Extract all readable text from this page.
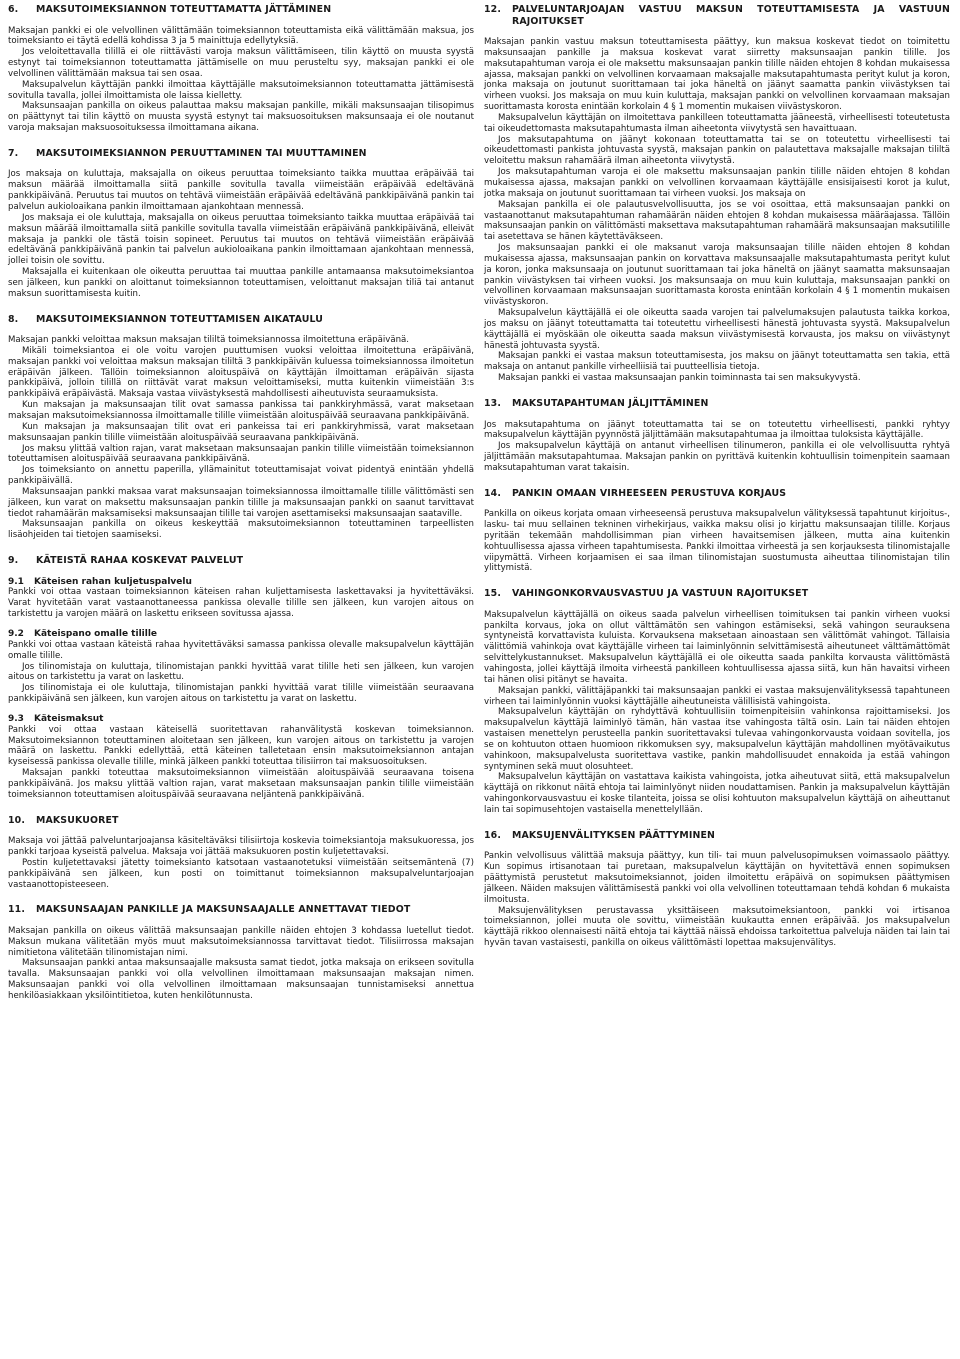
6.	MAKSUTOIMEKSIANNON TOTEUTTAMATTA JÄTTÄMINEN

Maksajan pankki ei ole velvollinen välittämään toimeksiannon toteuttamista eikä välittämään maksua, jos toimeksianto ei täytä edellä kohdissa 3 ja 5 mainittuja edellytyksiä.

Jos veloitettavalla tilillä ei ole riittävästi varoja maksun välittämiseen, tilin käyttö on muusta syystä estynyt tai toimeksiannon toteuttamatta jättämiselle on muu perusteltu syy, maksajan pankki ei ole velvollinen välittämään maksua tai sen osaa.

Maksupalvelun käyttäjän pankki ilmoittaa käyttäjälle maksutoimeksiannon toteuttamatta jättämisestä sovitulla tavalla, jollei ilmoittamista ole laissa kielletty.

Maksunsaajan pankilla on oikeus palauttaa maksu maksajan pankille, mikäli maksunsaajan tilisopimus on päättynyt tai tilin käyttö on muusta syystä estynyt tai maksuosoituksen maksunsaaja ei ole noutanut varoja maksajan maksuosoituksessa ilmoittamana aikana.

7.	MAKSUTOIMEKSIANNON PERUUTTAMINEN TAI MUUTTAMINEN

Jos maksaja on kuluttaja, maksajalla on oikeus peruuttaa toimeksianto taikka muuttaa eräpäivää tai maksun määrää ilmoittamalla siitä pankille sovitulla tavalla viimeistään eräpäivää edeltävänä pankkipäivänä. Peruutus tai muutos on tehtävä viimeistään eräpäivää edeltävänä pankkipäivänä pankin tai palvelun aukioloaikana pankin ilmoittamaan ajankohtaan mennessä.

Jos maksaja ei ole kuluttaja, maksajalla on oikeus peruuttaa toimeksianto taikka muuttaa eräpäivää tai maksun määrää ilmoittamalla siitä pankille sovitulla tavalla viimeistään eräpäivänä pankkipäivänä, elleivät maksaja ja pankki ole tästä toisin sopineet. Peruutus tai muutos on tehtävä viimeistään eräpäivää edeltävänä pankkipäivänä pankin tai palvelun aukioloaikana pankin ilmoittamaan ajankohtaan mennessä, jollei toisin ole sovittu.

Maksajalla ei kuitenkaan ole oikeutta peruuttaa tai muuttaa pankille antamaansa maksutoimeksiantoa sen jälkeen, kun pankki on aloittanut toimeksiannon toteuttamisen, veloittanut maksajan tiliä tai antanut maksun suorittamisesta kuitin.

8.	MAKSUTOIMEKSIANNON TOTEUTTAMISEN AIKATAULU

Maksajan pankki veloittaa maksun maksajan tililtä toimeksiannossa ilmoitettuna eräpäivänä.

Mikäli toimeksiantoa ei ole voitu varojen puuttumisen vuoksi veloittaa ilmoitettuna eräpäivänä, maksajan pankki voi veloittaa maksun maksajan tililtä 3 pankkipäivän kuluessa toimeksiannossa ilmoitetun eräpäivän jälkeen. Tällöin toimeksiannon aloituspäivä on käyttäjän ilmoittaman eräpäivän sijasta pankkipäivä, jolloin tilillä on riittävät varat maksun veloittamiseksi, mutta kuitenkin viimeistään 3:s pankkipäivä eräpäivästä. Maksaja vastaa viivästyksestä mahdollisesti aiheutuvista seuraamuksista.

Kun maksajan ja maksunsaajan tilit ovat samassa pankissa tai pankkiryhmässä, varat maksetaan maksajan maksutoimeksiannossa ilmoittamalle tilille viimeistään aloituspäivää seuraavana pankkipäivänä.

Kun maksajan ja maksunsaajan tilit ovat eri pankeissa tai eri pankkiryhmissä, varat maksetaan maksunsaajan pankin tilille viimeistään aloituspäivää seuraavana pankkipäivänä.

Jos maksu ylittää valtion rajan, varat maksetaan maksunsaajan pankin tilille viimeistään toimeksiannon toteuttamisen aloituspäivää seuraavana pankkipäivänä.

Jos toimeksianto on annettu paperilla, yllämainitut toteuttamisajat voivat pidentyä enintään yhdellä pankkipäivällä.

Maksunsaajan pankki maksaa varat maksunsaajan toimeksiannossa ilmoittamalle tilille välittömästi sen jälkeen, kun varat on maksettu maksunsaajan pankin tilille ja maksunsaajan pankki on saanut tarvittavat tiedot rahamäärän maksamiseksi maksunsaajan tilille tai varojen asettamiseksi maksunsaajan saataville.

Maksunsaajan pankilla on oikeus keskeyttää maksutoimeksiannon toteuttaminen tarpeellisten lisäohjeiden tai tietojen saamiseksi.

9.	KÄTEISTÄ RAHAA KOSKEVAT PALVELUT
9.1 Käteisen rahan kuljetuspalvelu

Pankki voi ottaa vastaan toimeksiannon käteisen rahan kuljettamisesta laskettavaksi ja hyvitettäväksi. Varat hyvitetään varat vastaanottaneessa pankissa olevalle tilille sen jälkeen, kun varojen aitous on tarkistettu ja varojen määrä on laskettu erikseen sovitussa ajassa.

9.2 Käteispano omalle tilille

Pankki voi ottaa vastaan käteistä rahaa hyvitettäväksi samassa pankissa olevalle maksupalvelun käyttäjän omalle tilille.

Jos tilinomistaja on kuluttaja, tilinomistajan pankki hyvittää varat tilille heti sen jälkeen, kun varojen aitous on tarkistettu ja varat on laskettu.

Jos tilinomistaja ei ole kuluttaja, tilinomistajan pankki hyvittää varat tilille viimeistään seuraavana pankkipäivänä sen jälkeen, kun varojen aitous on tarkistettu ja varat on laskettu.

9.3 Käteismaksut

Pankki voi ottaa vastaan käteisellä suoritettavan rahanvälitystä koskevan toimeksiannon. Maksutoimeksiannon toteuttaminen aloitetaan sen jälkeen, kun varojen aitous on tarkistettu ja varojen määrä on laskettu. Pankki edellyttää, että käteinen talletetaan ensin maksutoimeksiannon antajan kyseisessä pankissa olevalle tilille, minkä jälkeen pankki toteuttaa tilisiirron tai maksuosoituksen.

Maksajan pankki toteuttaa maksutoimeksiannon viimeistään aloituspäivää seuraavana toisena pankkipäivänä. Jos maksu ylittää valtion rajan, varat maksetaan maksunsaajan pankin tilille viimeistään toimeksiannon toteuttamisen aloituspäivää seuraavana neljäntenä pankkipäivänä.

10.	MAKSUKUORET

Maksaja voi jättää palveluntarjoajansa käsiteltäväksi tilisiirtoja koskevia toimeksiantoja maksukuoressa, jos pankki tarjoaa kyseistä palvelua. Maksaja voi jättää maksukuoren postin kuljetettavaksi.

Postin kuljetettavaksi jätetty toimeksianto katsotaan vastaanotetuksi viimeistään seitsemäntenä (7) pankkipäivänä sen jälkeen, kun posti on toimittanut toimeksiannon maksupalveluntarjoajan vastaanottopisteeseen.

11.	MAKSUNSAAJAN PANKILLE JA MAKSUNSAAJALLE ANNETTAVAT TIEDOT

Maksajan pankilla on oikeus välittää maksunsaajan pankille näiden ehtojen 3 kohdassa luetellut tiedot. Maksun mukana välitetään myös muut maksutoimeksiannossa tarvittavat tiedot. Tilisiirrossa maksajan nimitietona välitetään tilinomistajan nimi.

Maksunsaajan pankki antaa maksunsaajalle maksusta samat tiedot, jotka maksaja on erikseen sovitulla tavalla. Maksunsaajan pankki voi olla velvollinen ilmoittamaan maksunsaajan maksajan nimen. Maksunsaajan pankki voi olla velvollinen ilmoittamaan maksunsaajan tunnistamiseksi annettua henkilöasiakkaan yksilöintitietoa, kuten henkilötunnusta.

12.	PALVELUNTARJOAJAN VASTUU MAKSUN TOTEUTTAMISESTA JA VASTUUN RAJOITUKSET

Maksajan pankin vastuu maksun toteuttamisesta päättyy, kun maksua koskevat tiedot on toimitettu maksunsaajan pankille ja maksua koskevat varat siirretty maksunsaajan pankin tilille. Jos maksutapahtuman varoja ei ole maksettu maksunsaajan pankin tilille näiden ehtojen 8 kohdan mukaisessa ajassa, maksajan pankki on velvollinen korvaamaan maksajalle maksutapahtumasta perityt kulut ja koron, jonka maksaja on joutunut suorittamaan tai joka häneltä on jäänyt saamatta pankin viivästyksen tai virheen vuoksi. Jos maksaja on muu kuin kuluttaja, maksajan pankki on velvollinen korvaamaan maksajan suorittamasta korosta enintään korkolain 4 § 1 momentin mukaisen viivästyskoron.

Maksupalvelun käyttäjän on ilmoitettava pankilleen toteuttamatta jääneestä, virheellisesti toteutetusta tai oikeudettomasta maksutapahtumasta ilman aiheetonta viivytystä sen havaittuaan.

Jos maksutapahtuma on jäänyt kokonaan toteuttamatta tai se on toteutettu virheellisesti tai oikeudettomasti pankista johtuvasta syystä, maksajan pankin on palautettava maksajalle maksajan tililtä veloitettu maksun rahamäärä ilman aiheetonta viivytystä.

Jos maksutapahtuman varoja ei ole maksettu maksunsaajan pankin tilille näiden ehtojen 8 kohdan mukaisessa ajassa, maksajan pankki on velvollinen korvaamaan käyttäjälle ensisijaisesti korot ja kulut, jotka maksaja on joutunut suorittamaan tai virheen vuoksi. Jos maksaja on

Maksajan pankilla ei ole palautusvelvollisuutta, jos se voi osoittaa, että maksunsaajan pankki on vastaanottanut maksutapahtuman rahamäärän näiden ehtojen 8 kohdan mukaisessa määräajassa. Tällöin maksunsaajan pankin on välittömästi maksettava maksutapahtuman rahamäärä maksunsaajan maksutilille tai asetettava se hänen käytettäväkseen.

Jos maksunsaajan pankki ei ole maksanut varoja maksunsaajan tilille näiden ehtojen 8 kohdan mukaisessa ajassa, maksunsaajan pankin on korvattava maksunsaajalle maksutapahtumasta perityt kulut ja koron, jonka maksunsaaja on joutunut suorittamaan tai joka häneltä on jäänyt saamatta maksunsaajan pankin viivästyksen tai virheen vuoksi. Jos maksunsaaja on muu kuin kuluttaja, maksunsaajan pankki on velvollinen korvaamaan maksunsaajan suorittamasta korosta enintään korkolain 4 § 1 momentin mukaisen viivästyskoron.

Maksupalvelun käyttäjällä ei ole oikeutta saada varojen tai palvelumaksujen palautusta taikka korkoa, jos maksu on jäänyt toteuttamatta tai toteutettu virheellisesti hänestä johtuvasta syystä. Maksupalvelun käyttäjällä ei myöskään ole oikeutta saada maksun viivästymisestä korvausta, jos maksu on viivästynyt hänestä johtuvasta syystä.

Maksajan pankki ei vastaa maksun toteuttamisesta, jos maksu on jäänyt toteuttamatta sen takia, että maksaja on antanut pankille virheelliisiä tai puutteellisia tietoja.

Maksajan pankki ei vastaa maksunsaajan pankin toiminnasta tai sen maksukyvystä.

13.	MAKSUTAPAHTUMAN JÄLJITTÄMINEN

Jos maksutapahtuma on jäänyt toteuttamatta tai se on toteutettu virheellisesti, pankki ryhtyy maksupalvelun käyttäjän pyynnöstä jäljittämään maksutapahtumaa ja ilmoittaa tuloksista käyttäjälle.

Jos maksupalvelun käyttäjä on antanut virheellisen tilinumeron, pankilla ei ole velvollisuutta ryhtyä jäljittämään maksutapahtumaa. Maksajan pankin on pyrittävä kuitenkin kohtuullisin toimenpitein saamaan maksutapahtuman varat takaisin.

14.	PANKIN OMAAN VIRHEESEEN PERUSTUVA KORJAUS

Pankilla on oikeus korjata omaan virheeseensä perustuva maksupalvelun välityksessä tapahtunut kirjoitus-, lasku- tai muu sellainen tekninen virhekirjaus, vaikka maksu olisi jo kirjattu maksunsaajan tilille. Korjaus pyritään tekemään mahdollisimman pian virheen havaitsemisen jälkeen, mutta aina kuitenkin kohtuullisessa ajassa virheen tapahtumisesta. Pankki ilmoittaa virheestä ja sen korjauksesta tilinomistajalle viipymättä. Virheen korjaamisen ei saa ilman tilinomistajan suostumusta aiheuttaa tilinomistajan tilin ylittymistä.

15.	VAHINGONKORVAUSVASTUU JA VASTUUN RAJOITUKSET

Maksupalvelun käyttäjällä on oikeus saada palvelun virheellisen toimituksen tai pankin virheen vuoksi pankilta korvaus, joka on ollut välttämätön sen vahingon estämiseksi, sekä vahingon seurauksena syntyneistä korvattavista kuluista. Korvauksena maksetaan ainoastaan sen välittömät vahingot. Tällaisia välittömiä vahinkoja ovat käyttäjälle virheen tai laiminlyönnin selvittämisestä aiheutuneet välttämättömät selvittelykustannukset. Maksupalvelun käyttäjällä ei ole oikeutta saada pankilta korvausta välittömästä vahingosta, jollei käyttäjä ilmoita virheestä pankilleen kohtuullisessa ajassa siitä, kun hän havaitsi virheen tai hänen olisi pitänyt se havaita.

Maksajan pankki, välittäjäpankki tai maksunsaajan pankki ei vastaa maksujenvälityksessä tapahtuneen virheen tai laiminlyönnin vuoksi käyttäjälle aiheutuneista välillisistä vahingoista.

Maksupalvelun käyttäjän on ryhdyttävä kohtuullisiin toimenpiteisiin vahinkonsa rajoittamiseksi. Jos maksupalvelun käyttäjä laiminlyö tämän, hän vastaa itse vahingosta tältä osin. Lain tai näiden ehtojen vastaisen menettelyn perusteella pankin suoritettavaksi tulevaa vahingonkorvausta voidaan sovitella, jos se on kohtuuton ottaen huomioon rikkomuksen syy, maksupalvelun käyttäjän mahdollinen myötävaikutus vahinkoon, maksupalvelusta suoritettava vastike, pankin mahdollisuudet ennakoida ja estää vahingon syntyminen sekä muut olosuhteet.

Maksupalvelun käyttäjän on vastattava kaikista vahingoista, jotka aiheutuvat siitä, että maksupalvelun käyttäjä on rikkonut näitä ehtoja tai laiminlyönyt niiden noudattamisen. Pankin ja maksupalvelun käyttäjän vahingonkorvausvastuu ei koske tilanteita, joissa se olisi kohtuuton maksupalvelun käyttäjä on aiheuttanut lain tai sopimusehtojen vastaisella menettelyllään.

16.	MAKSUJENVÄLITYKSEN PÄÄTTYMINEN

Pankin velvollisuus välittää maksuja päättyy, kun tili- tai muun palvelusopimuksen voimassaolo päättyy. Kun sopimus irtisanotaan tai puretaan, maksupalvelun käyttäjän on hyvitettävä ennen sopimuksen päättymistä perustetut maksutoimeksiannot, joiden ilmoitettu eräpäivä on sopimuksen päättymisen jälkeen. Näiden maksujen välittämisestä pankki voi olla velvollinen toteuttamaan tehdä kohdan 6 mukaista ilmoitusta.

Maksujenvälityksen perustavassa yksittäiseen maksutoimeksiantoon, pankki voi irtisanoa toimeksiannon, jollei muuta ole sovittu, viimeistään kuukautta ennen eräpäivää. Jos maksupalvelun käyttäjä rikkoo olennaisesti näitä ehtoja tai käyttää näissä ehdoissa tarkoitettua palveluja näiden tai lain tai hyvän tavan vastaisesti, pankilla on oikeus välittömästi lopettaa maksujenvälitys.
